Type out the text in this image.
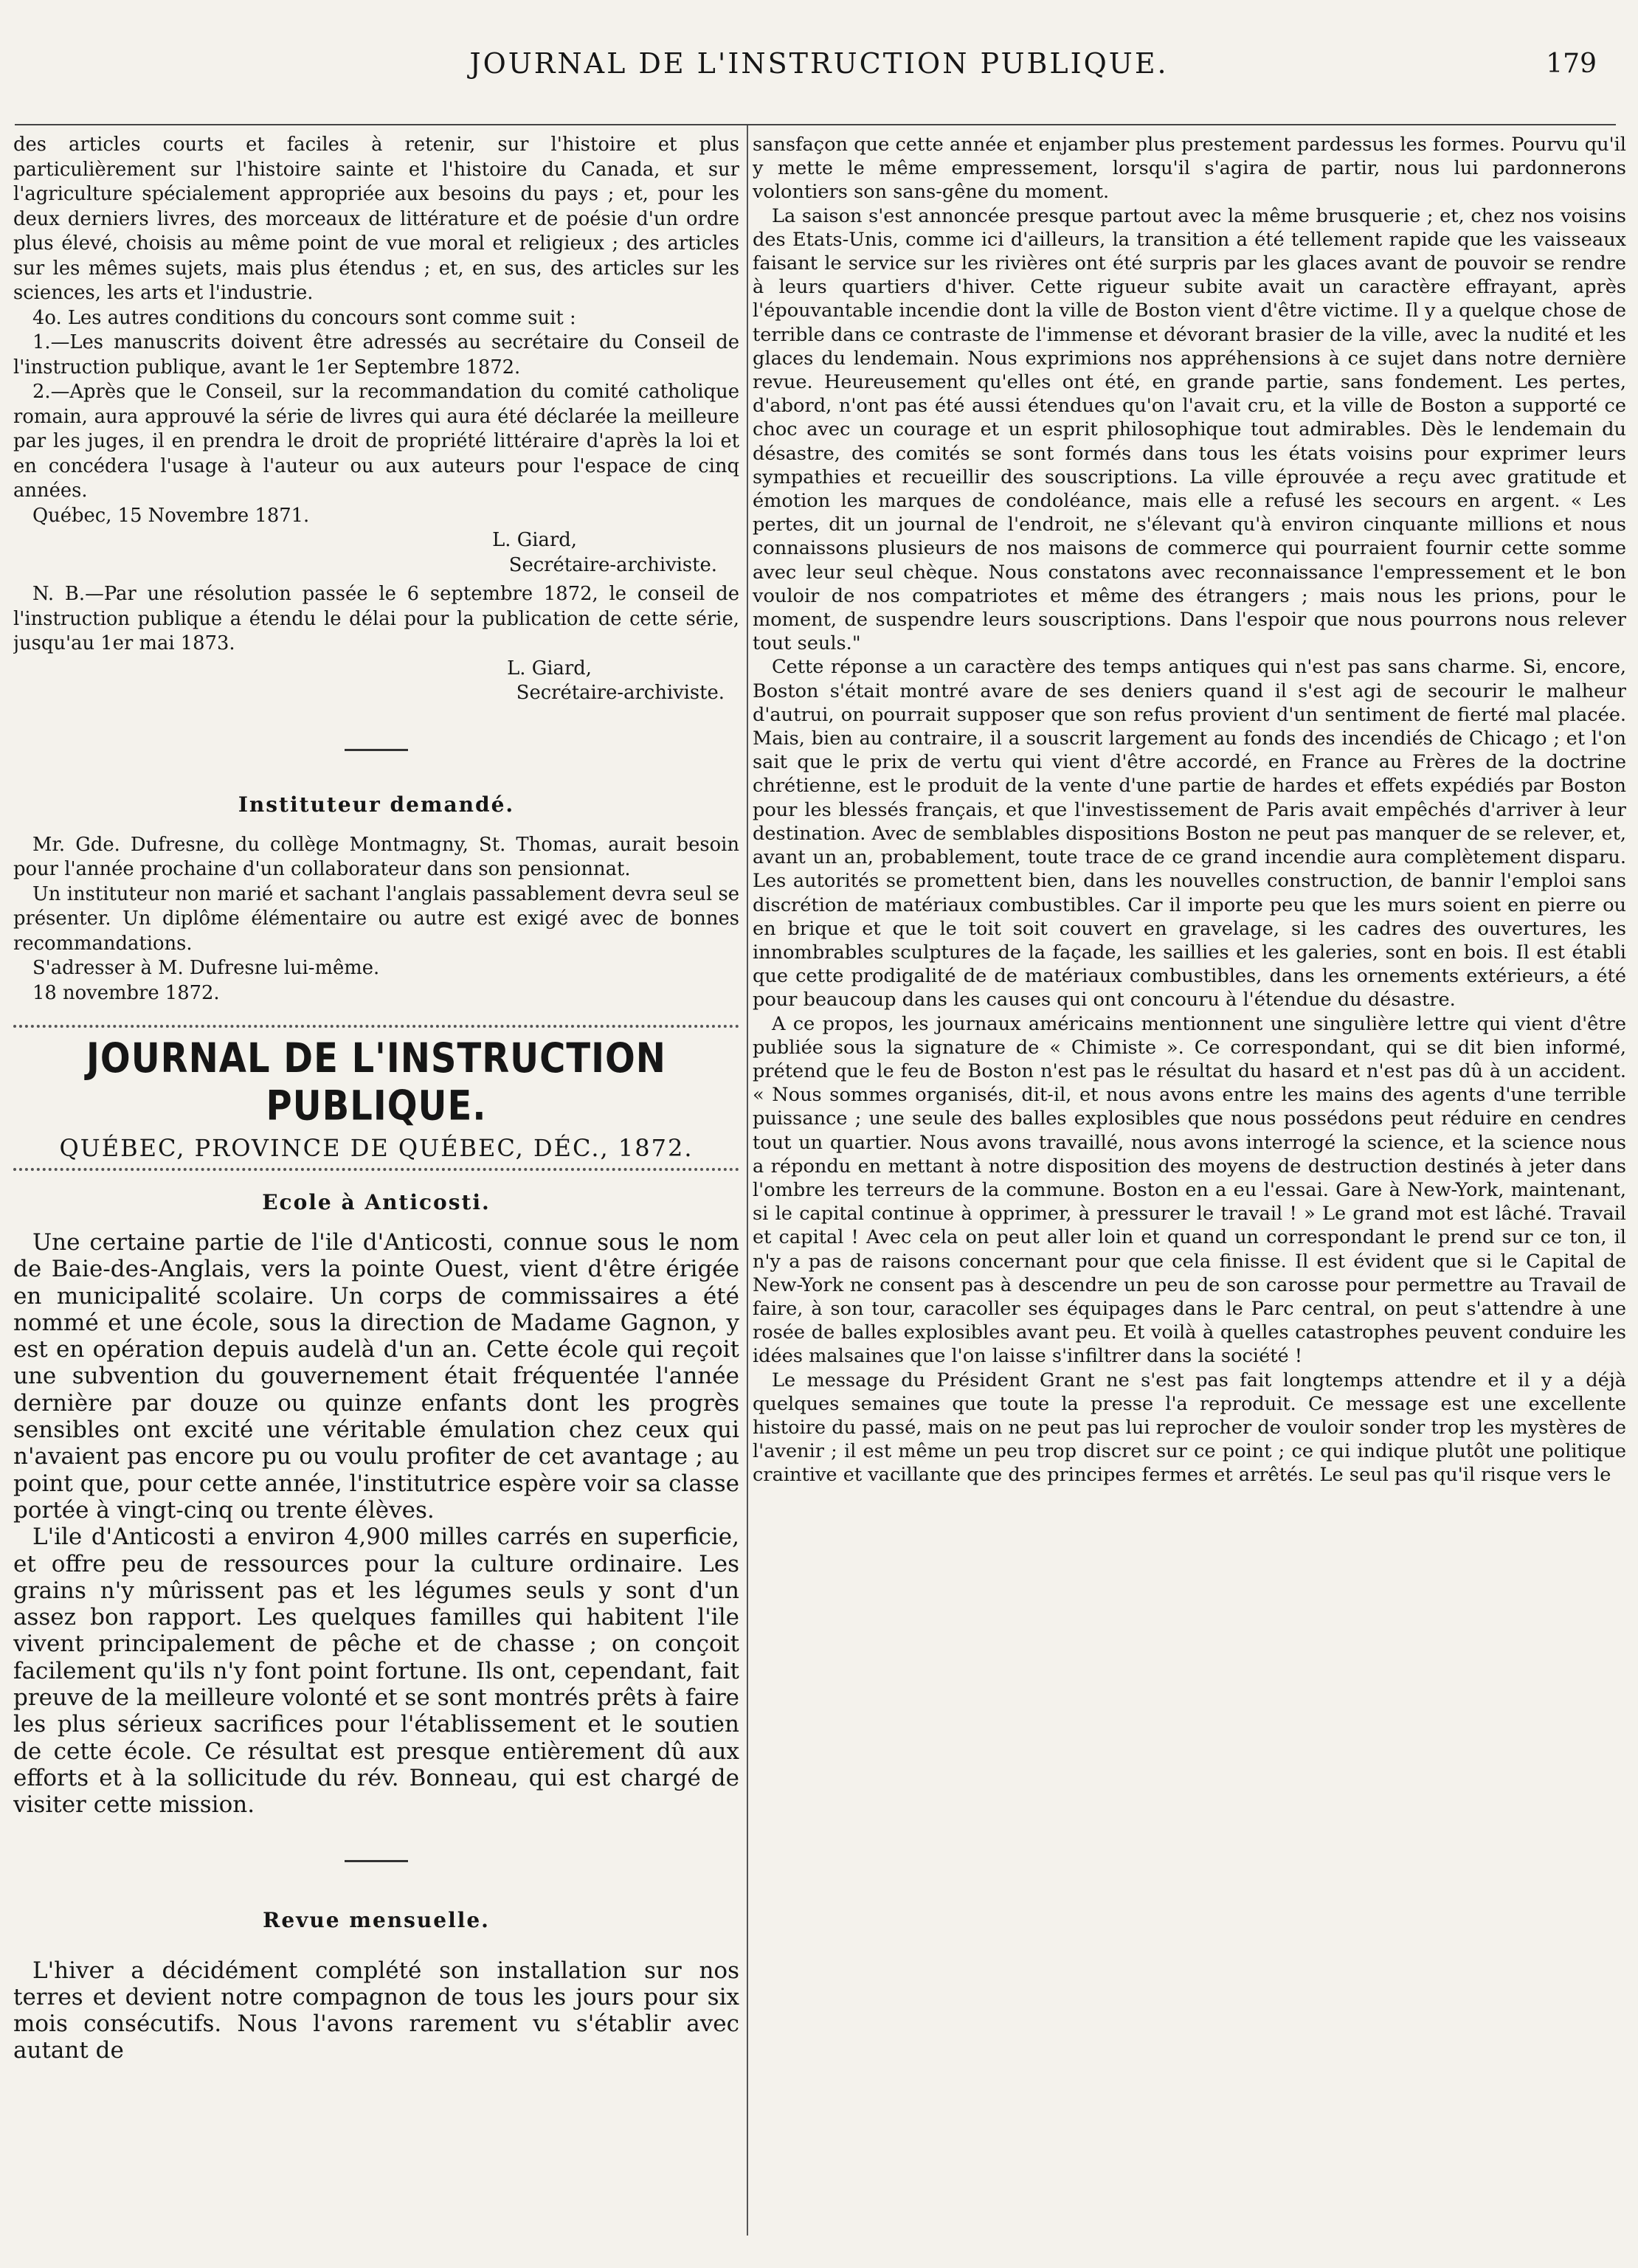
JOURNAL DE L'INSTRUCTION PUBLIQUE.	179

des articles courts et faciles à retenir, sur l'histoire et plus particulièrement sur l'histoire sainte et l'histoire du Canada, et sur l'agriculture spécialement appropriée aux besoins du pays ; et, pour les deux derniers livres, des morceaux de littérature et de poésie d'un ordre plus élevé, choisis au même point de vue moral et religieux ; des articles sur les mêmes sujets, mais plus étendus ; et, en sus, des articles sur les sciences, les arts et l'industrie.

4o. Les autres conditions du concours sont comme suit :

1.—Les manuscrits doivent être adressés au secrétaire du Conseil de l'instruction publique, avant le 1er Septembre 1872.

2.—Après que le Conseil, sur la recommandation du comité catholique romain, aura approuvé la série de livres qui aura été déclarée la meilleure par les juges, il en prendra le droit de propriété littéraire d'après la loi et en concédera l'usage à l'auteur ou aux auteurs pour l'espace de cinq années.

Québec, 15 Novembre 1871.

L. Giard,

Secrétaire-archiviste.

N. B.—Par une résolution passée le 6 septembre 1872, le conseil de l'instruction publique a étendu le délai pour la publication de cette série, jusqu'au 1er mai 1873.

L. Giard,

Secrétaire-archiviste.

Instituteur demandé.

Mr. Gde. Dufresne, du collège Montmagny, St. Thomas, aurait besoin pour l'année prochaine d'un collaborateur dans son pensionnat.

Un instituteur non marié et sachant l'anglais passablement devra seul se présenter. Un diplôme élémentaire ou autre est exigé avec de bonnes recommandations.

S'adresser à M. Dufresne lui-même.

18 novembre 1872.

JOURNAL DE L'INSTRUCTION PUBLIQUE.
QUÉBEC, PROVINCE DE QUÉBEC, DÉC., 1872.
Ecole à Anticosti.

Une certaine partie de l'ile d'Anticosti, connue sous le nom de Baie-des-Anglais, vers la pointe Ouest, vient d'être érigée en municipalité scolaire. Un corps de commissaires a été nommé et une école, sous la direction de Madame Gagnon, y est en opération depuis audelà d'un an. Cette école qui reçoit une subvention du gouvernement était fréquentée l'année dernière par douze ou quinze enfants dont les progrès sensibles ont excité une véritable émulation chez ceux qui n'avaient pas encore pu ou voulu profiter de cet avantage ; au point que, pour cette année, l'institutrice espère voir sa classe portée à vingt-cinq ou trente élèves.

L'ile d'Anticosti a environ 4,900 milles carrés en superficie, et offre peu de ressources pour la culture ordinaire. Les grains n'y mûrissent pas et les légumes seuls y sont d'un assez bon rapport. Les quelques familles qui habitent l'ile vivent principalement de pêche et de chasse ; on conçoit facilement qu'ils n'y font point fortune. Ils ont, cependant, fait preuve de la meilleure volonté et se sont montrés prêts à faire les plus sérieux sacrifices pour l'établissement et le soutien de cette école. Ce résultat est presque entièrement dû aux efforts et à la sollicitude du rév. Bonneau, qui est chargé de visiter cette mission.

Revue mensuelle.

L'hiver a décidément complété son installation sur nos terres et devient notre compagnon de tous les jours pour six mois consécutifs. Nous l'avons rarement vu s'établir avec autant de

sansfaçon que cette année et enjamber plus prestement pardessus les formes. Pourvu qu'il y mette le même empressement, lorsqu'il s'agira de partir, nous lui pardonnerons volontiers son sans-gêne du moment.

La saison s'est annoncée presque partout avec la même brusquerie ; et, chez nos voisins des Etats-Unis, comme ici d'ailleurs, la transition a été tellement rapide que les vaisseaux faisant le service sur les rivières ont été surpris par les glaces avant de pouvoir se rendre à leurs quartiers d'hiver. Cette rigueur subite avait un caractère effrayant, après l'épouvantable incendie dont la ville de Boston vient d'être victime. Il y a quelque chose de terrible dans ce contraste de l'immense et dévorant brasier de la ville, avec la nudité et les glaces du lendemain. Nous exprimions nos appréhensions à ce sujet dans notre dernière revue. Heureusement qu'elles ont été, en grande partie, sans fondement. Les pertes, d'abord, n'ont pas été aussi étendues qu'on l'avait cru, et la ville de Boston a supporté ce choc avec un courage et un esprit philosophique tout admirables. Dès le lendemain du désastre, des comités se sont formés dans tous les états voisins pour exprimer leurs sympathies et recueillir des souscriptions. La ville éprouvée a reçu avec gratitude et émotion les marques de condoléance, mais elle a refusé les secours en argent. « Les pertes, dit un journal de l'endroit, ne s'élevant qu'à environ cinquante millions et nous connaissons plusieurs de nos maisons de commerce qui pourraient fournir cette somme avec leur seul chèque. Nous constatons avec reconnaissance l'empressement et le bon vouloir de nos compatriotes et même des étrangers ; mais nous les prions, pour le moment, de suspendre leurs souscriptions. Dans l'espoir que nous pourrons nous relever tout seuls."

Cette réponse a un caractère des temps antiques qui n'est pas sans charme. Si, encore, Boston s'était montré avare de ses deniers quand il s'est agi de secourir le malheur d'autrui, on pourrait supposer que son refus provient d'un sentiment de fierté mal placée. Mais, bien au contraire, il a souscrit largement au fonds des incendiés de Chicago ; et l'on sait que le prix de vertu qui vient d'être accordé, en France au Frères de la doctrine chrétienne, est le produit de la vente d'une partie de hardes et effets expédiés par Boston pour les blessés français, et que l'investissement de Paris avait empêchés d'arriver à leur destination. Avec de semblables dispositions Boston ne peut pas manquer de se relever, et, avant un an, probablement, toute trace de ce grand incendie aura complètement disparu. Les autorités se promettent bien, dans les nouvelles construction, de bannir l'emploi sans discrétion de matériaux combustibles. Car il importe peu que les murs soient en pierre ou en brique et que le toit soit couvert en gravelage, si les cadres des ouvertures, les innombrables sculptures de la façade, les saillies et les galeries, sont en bois. Il est établi que cette prodigalité de de matériaux combustibles, dans les ornements extérieurs, a été pour beaucoup dans les causes qui ont concouru à l'étendue du désastre.

A ce propos, les journaux américains mentionnent une singulière lettre qui vient d'être publiée sous la signature de « Chimiste ». Ce correspondant, qui se dit bien informé, prétend que le feu de Boston n'est pas le résultat du hasard et n'est pas dû à un accident. « Nous sommes organisés, dit-il, et nous avons entre les mains des agents d'une terrible puissance ; une seule des balles explosibles que nous possédons peut réduire en cendres tout un quartier. Nous avons travaillé, nous avons interrogé la science, et la science nous a répondu en mettant à notre disposition des moyens de destruction destinés à jeter dans l'ombre les terreurs de la commune. Boston en a eu l'essai. Gare à New-York, maintenant, si le capital continue à opprimer, à pressurer le travail ! » Le grand mot est lâché. Travail et capital ! Avec cela on peut aller loin et quand un correspondant le prend sur ce ton, il n'y a pas de raisons concernant pour que cela finisse. Il est évident que si le Capital de New-York ne consent pas à descendre un peu de son carosse pour permettre au Travail de faire, à son tour, caracoller ses équipages dans le Parc central, on peut s'attendre à une rosée de balles explosibles avant peu. Et voilà à quelles catastrophes peuvent conduire les idées malsaines que l'on laisse s'infiltrer dans la société !

Le message du Président Grant ne s'est pas fait longtemps attendre et il y a déjà quelques semaines que toute la presse l'a reproduit. Ce message est une excellente histoire du passé, mais on ne peut pas lui reprocher de vouloir sonder trop les mystères de l'avenir ; il est même un peu trop discret sur ce point ; ce qui indique plutôt une politique craintive et vacillante que des principes fermes et arrêtés. Le seul pas qu'il risque vers le
